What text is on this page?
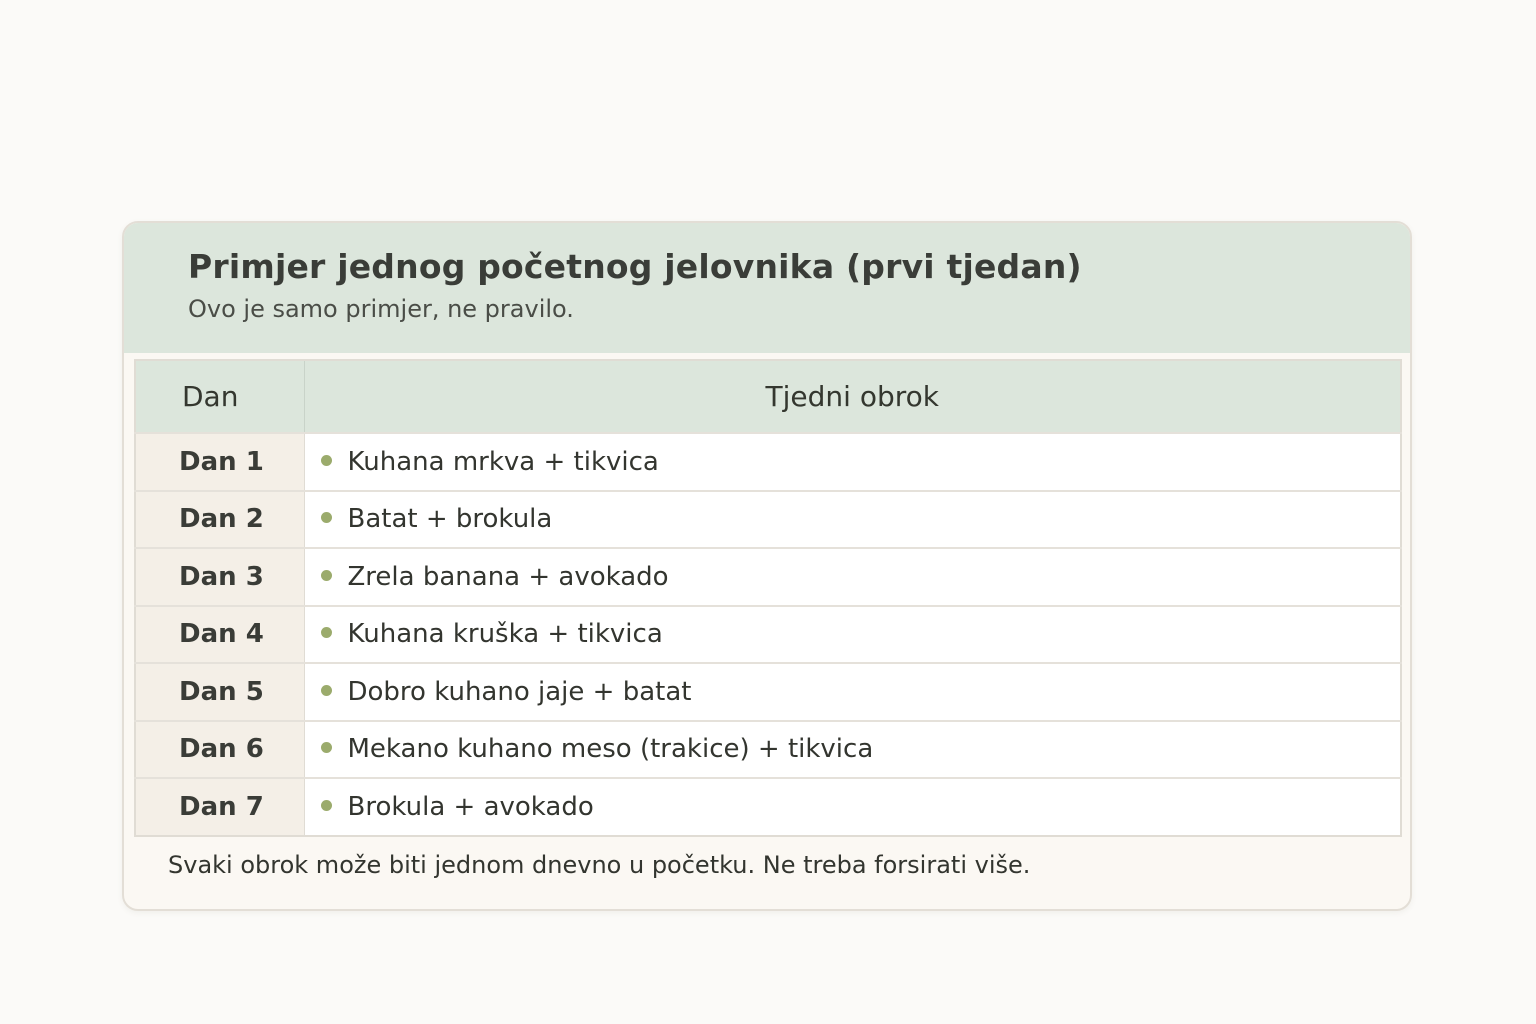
Primjer jednog početnog jelovnika (prvi tjedan)
Ovo je samo primjer, ne pravilo.
Dan	Tjedni obrok
Dan 1	Kuhana mrkva + tikvica
Dan 2	Batat + brokula
Dan 3	Zrela banana + avokado
Dan 4	Kuhana kruška + tikvica
Dan 5	Dobro kuhano jaje + batat
Dan 6	Mekano kuhano meso (trakice) + tikvica
Dan 7	Brokula + avokado
Svaki obrok može biti jednom dnevno u početku. Ne treba forsirati više.
